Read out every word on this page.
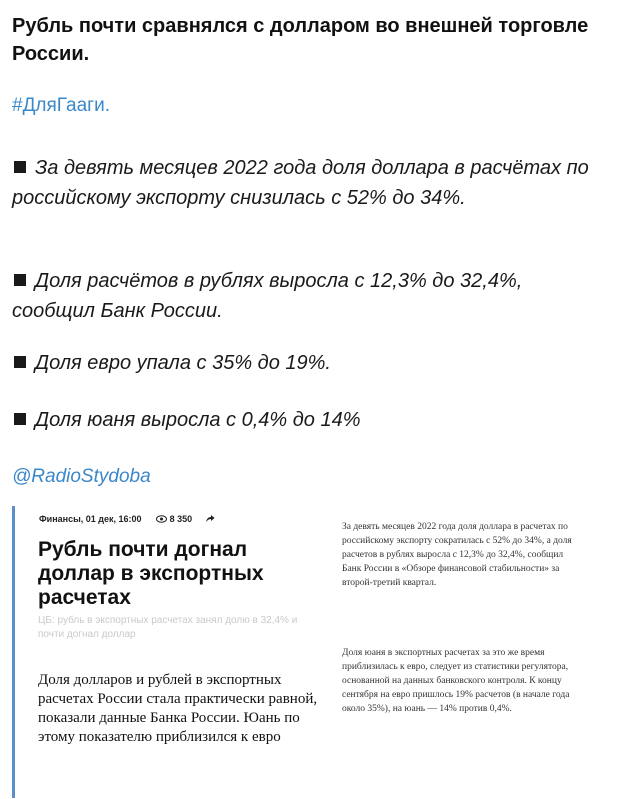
Рубль почти сравнялся с долларом во внешней торговле России.
#ДляГааги.
За девять месяцев 2022 года доля доллара в расчётах по российскому экспорту снизилась с 52% до 34%.
Доля расчётов в рублях выросла с 12,3% до 32,4%, сообщил Банк России.
Доля евро упала с 35% до 19%.
Доля юаня выросла с 0,4% до 14%
@RadioStydoba
Финансы, 01 дек, 16:00	8 350
Рубль почти догнал доллар в экспортных расчетах
ЦБ: рубль в экспортных расчетах занял долю в 32,4% и почти догнал доллар
Доля долларов и рублей в экспортных расчетах России стала практически равной, показали данные Банка России. Юань по этому показателю приблизился к евро
За девять месяцев 2022 года доля доллара в расчетах по российскому экспорту сократилась с 52% до 34%, а доля расчетов в рублях выросла с 12,3% до 32,4%, сообщил Банк России в «Обзоре финансовой стабильности» за второй-третий квартал.
Доля юаня в экспортных расчетах за это же время приблизилась к евро, следует из статистики регулятора, основанной на данных банковского контроля. К концу сентября на евро пришлось 19% расчетов (в начале года около 35%), на юань — 14% против 0,4%.
